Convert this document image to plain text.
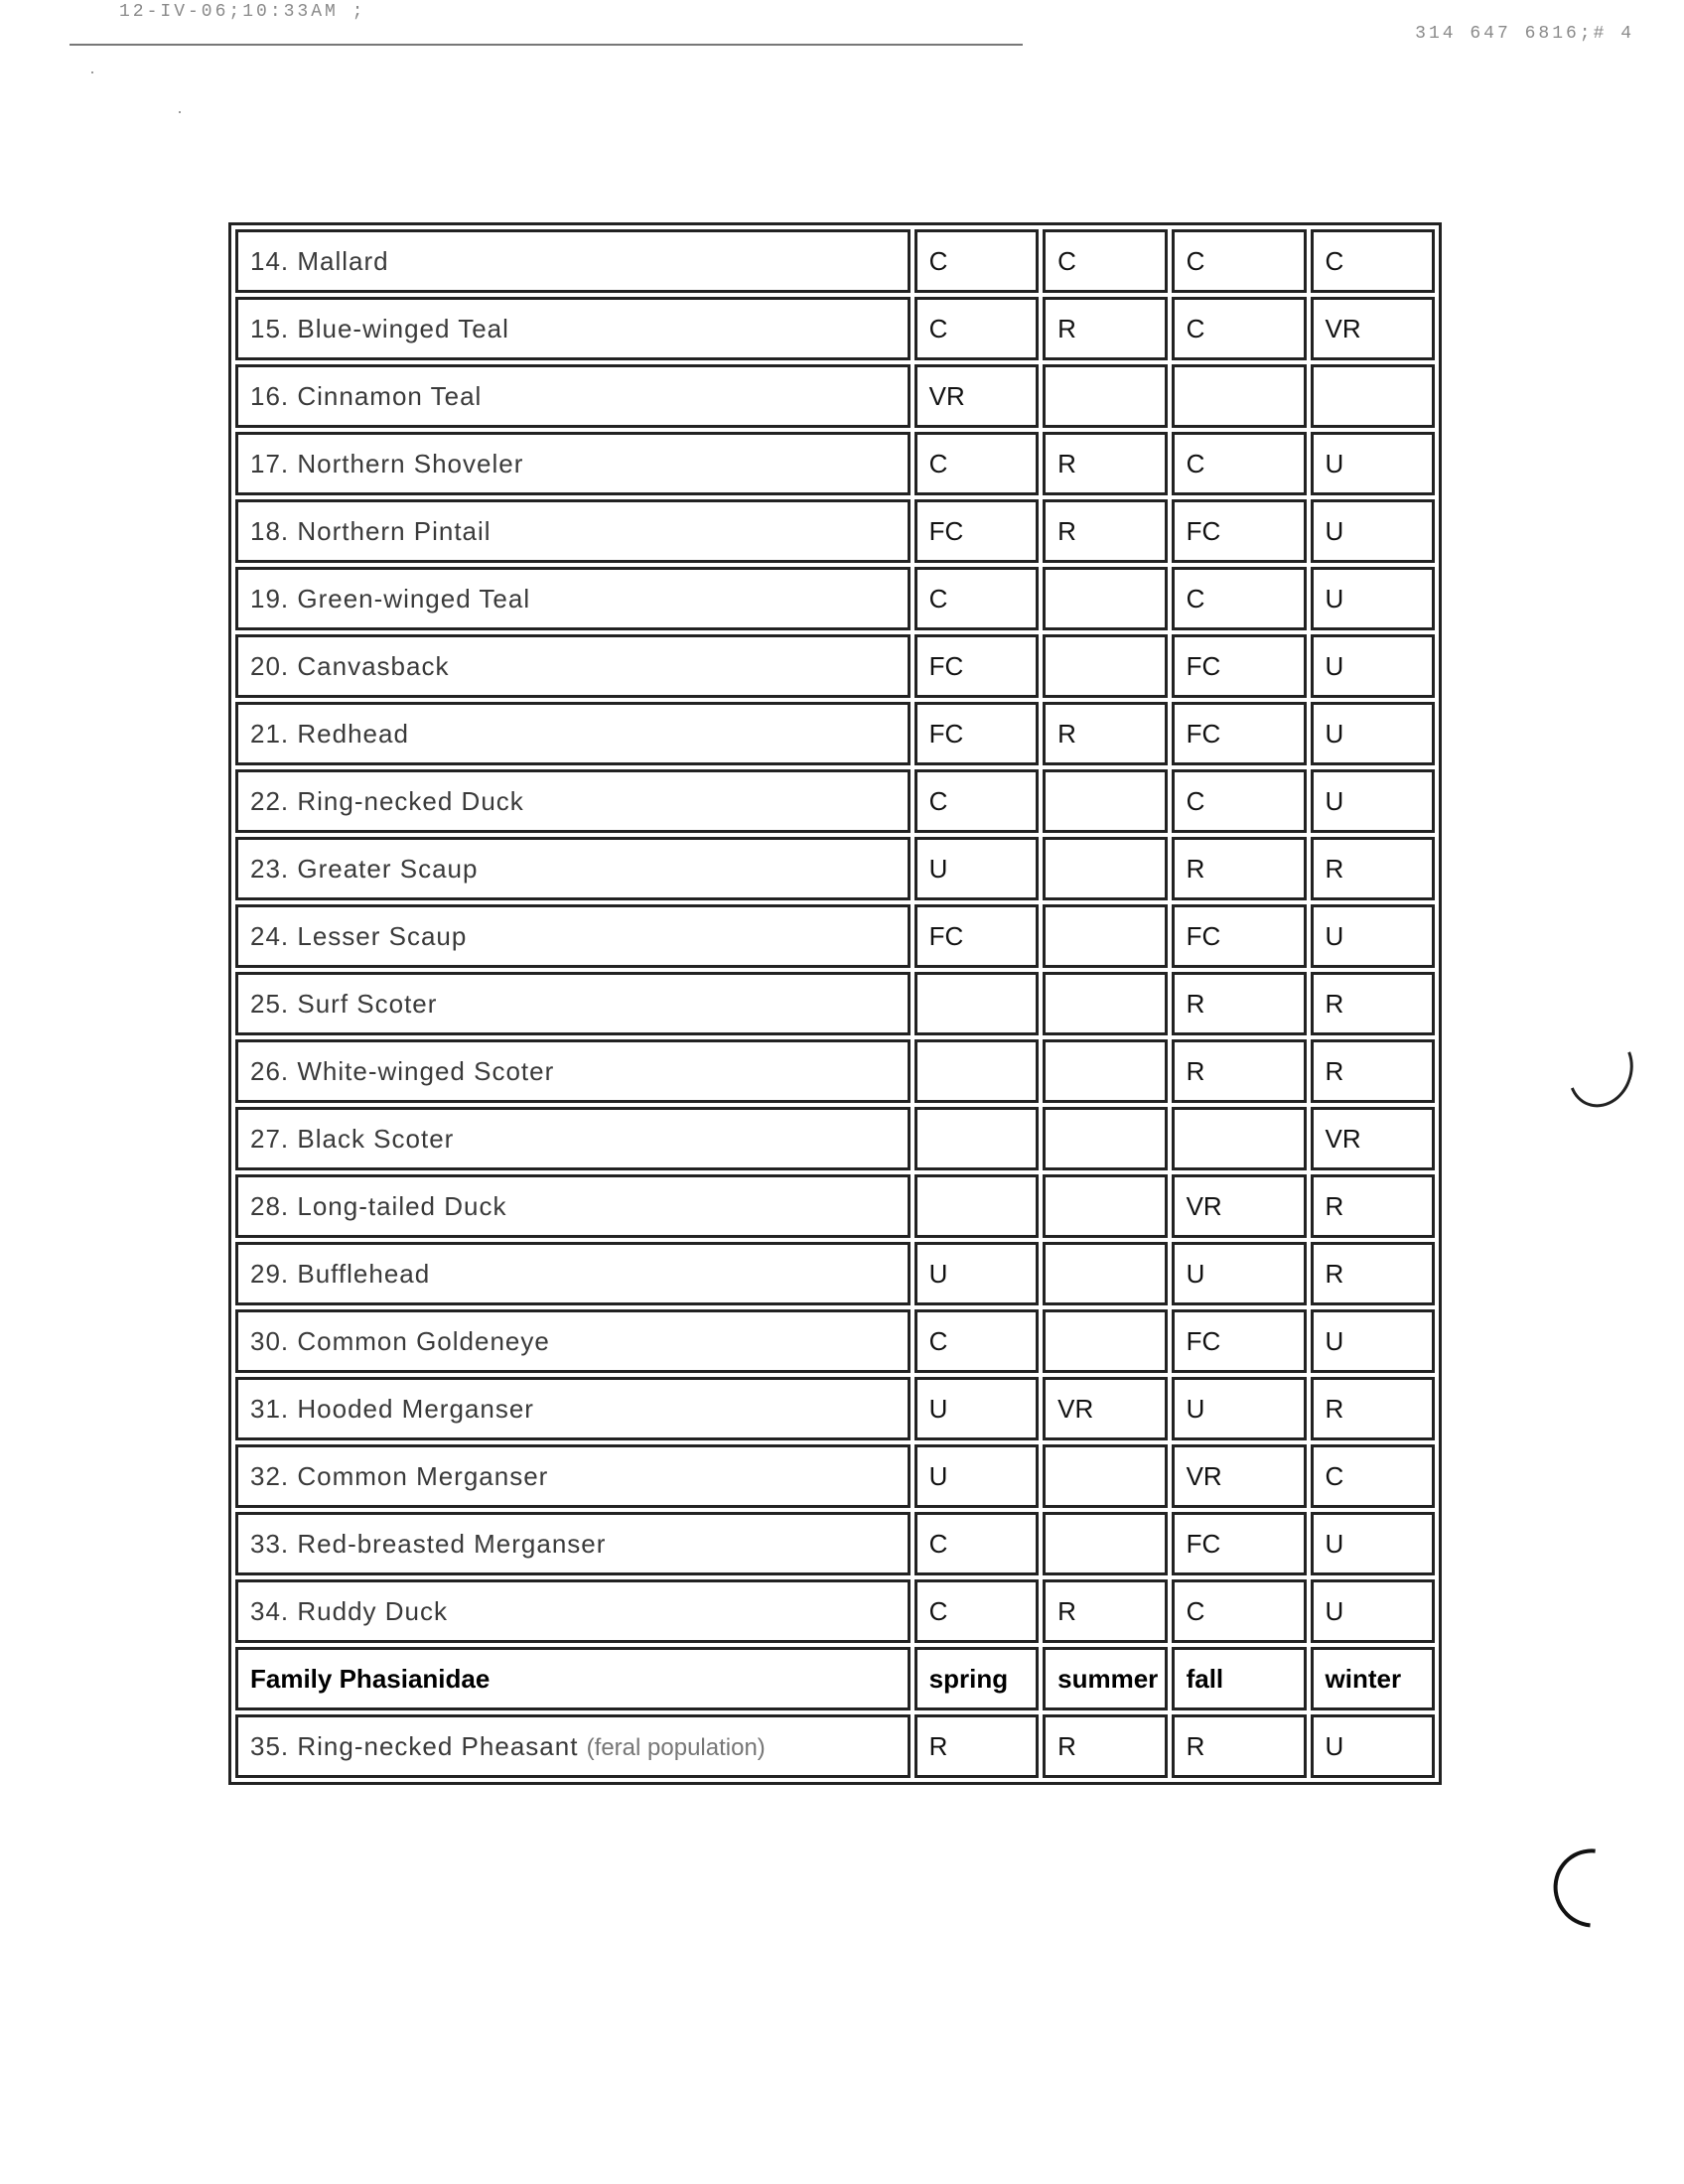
12-IV-06;10:33AM ;
314 647 6816;# 4
14. Mallard	C	C	C	C
15. Blue-winged Teal	C	R	C	VR
16. Cinnamon Teal	VR			
17. Northern Shoveler	C	R	C	U
18. Northern Pintail	FC	R	FC	U
19. Green-winged Teal	C		C	U
20. Canvasback	FC		FC	U
21. Redhead	FC	R	FC	U
22. Ring-necked Duck	C		C	U
23. Greater Scaup	U		R	R
24. Lesser Scaup	FC		FC	U
25. Surf Scoter			R	R
26. White-winged Scoter			R	R
27. Black Scoter				VR
28. Long-tailed Duck			VR	R
29. Bufflehead	U		U	R
30. Common Goldeneye	C		FC	U
31. Hooded Merganser	U	VR	U	R
32. Common Merganser	U		VR	C
33. Red-breasted Merganser	C		FC	U
34. Ruddy Duck	C	R	C	U
Family Phasianidae	spring	summer	fall	winter
35. Ring-necked Pheasant (feral population)	R	R	R	U
